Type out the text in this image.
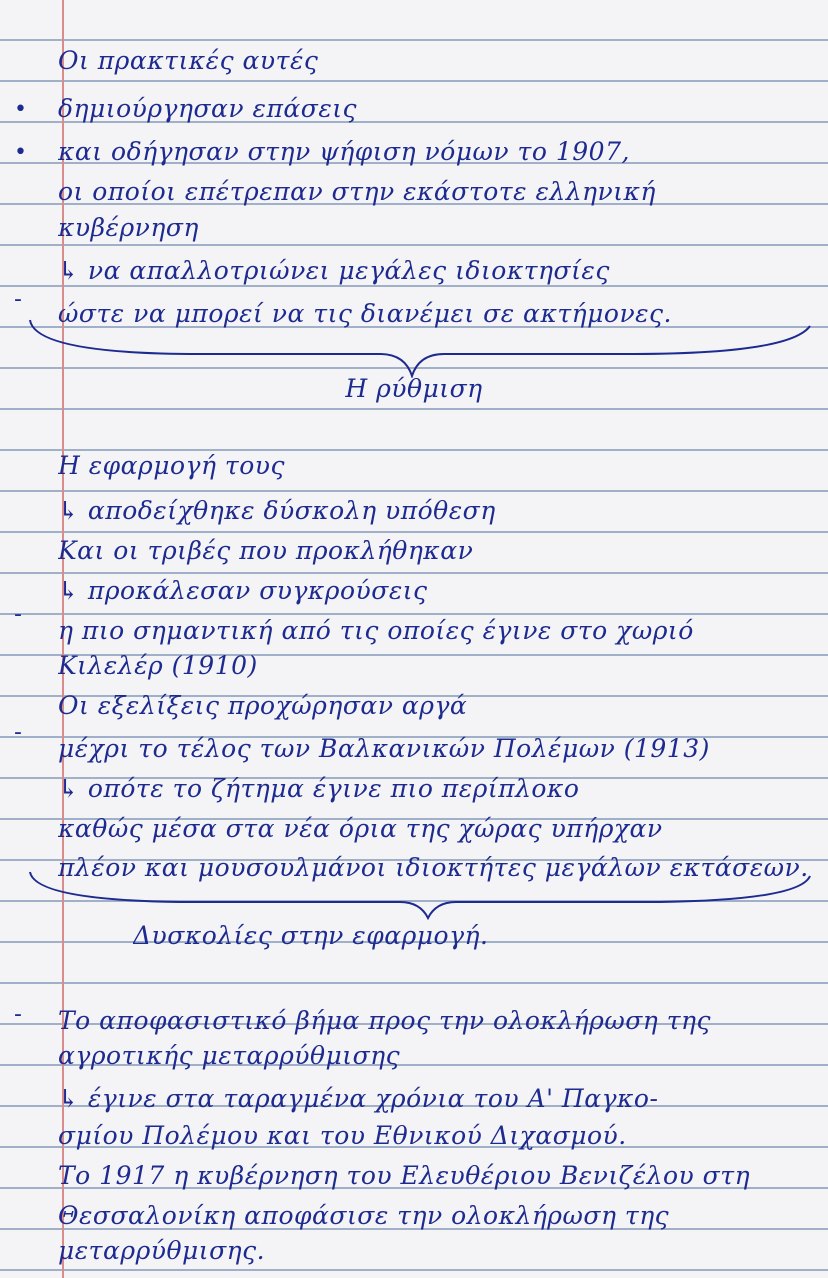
Οι πρακτικές αυτές
δημιούργησαν επάσεις
και οδήγησαν στην ψήφιση νόμων το 1907,
οι οποίοι επέτρεπαν στην εκάστοτε ελληνική
κυβέρνηση
↳ να απαλλοτριώνει μεγάλες ιδιοκτησίες
ώστε να μπορεί να τις διανέμει σε ακτήμονες.
Η ρύθμιση
Η εφαρμογή τους
↳ αποδείχθηκε δύσκολη υπόθεση
Και οι τριβές που προκλήθηκαν
↳ προκάλεσαν συγκρούσεις
η πιο σημαντική από τις οποίες έγινε στο χωριό
Κιλελέρ (1910)
Οι εξελίξεις προχώρησαν αργά
μέχρι το τέλος των Βαλκανικών Πολέμων (1913)
↳ οπότε το ζήτημα έγινε πιο περίπλοκο
καθώς μέσα στα νέα όρια της χώρας υπήρχαν
πλέον και μουσουλμάνοι ιδιοκτήτες μεγάλων εκτάσεων.
Δυσκολίες στην εφαρμογή.
Το αποφασιστικό βήμα προς την ολοκλήρωση της
αγροτικής μεταρρύθμισης
↳ έγινε στα ταραγμένα χρόνια του Α' Παγκο-
σμίου Πολέμου και του Εθνικού Διχασμού.
Το 1917 η κυβέρνηση του Ελευθέριου Βενιζέλου στη
Θεσσαλονίκη αποφάσισε την ολοκλήρωση της
μεταρρύθμισης.
•
•
-
-
-
-
